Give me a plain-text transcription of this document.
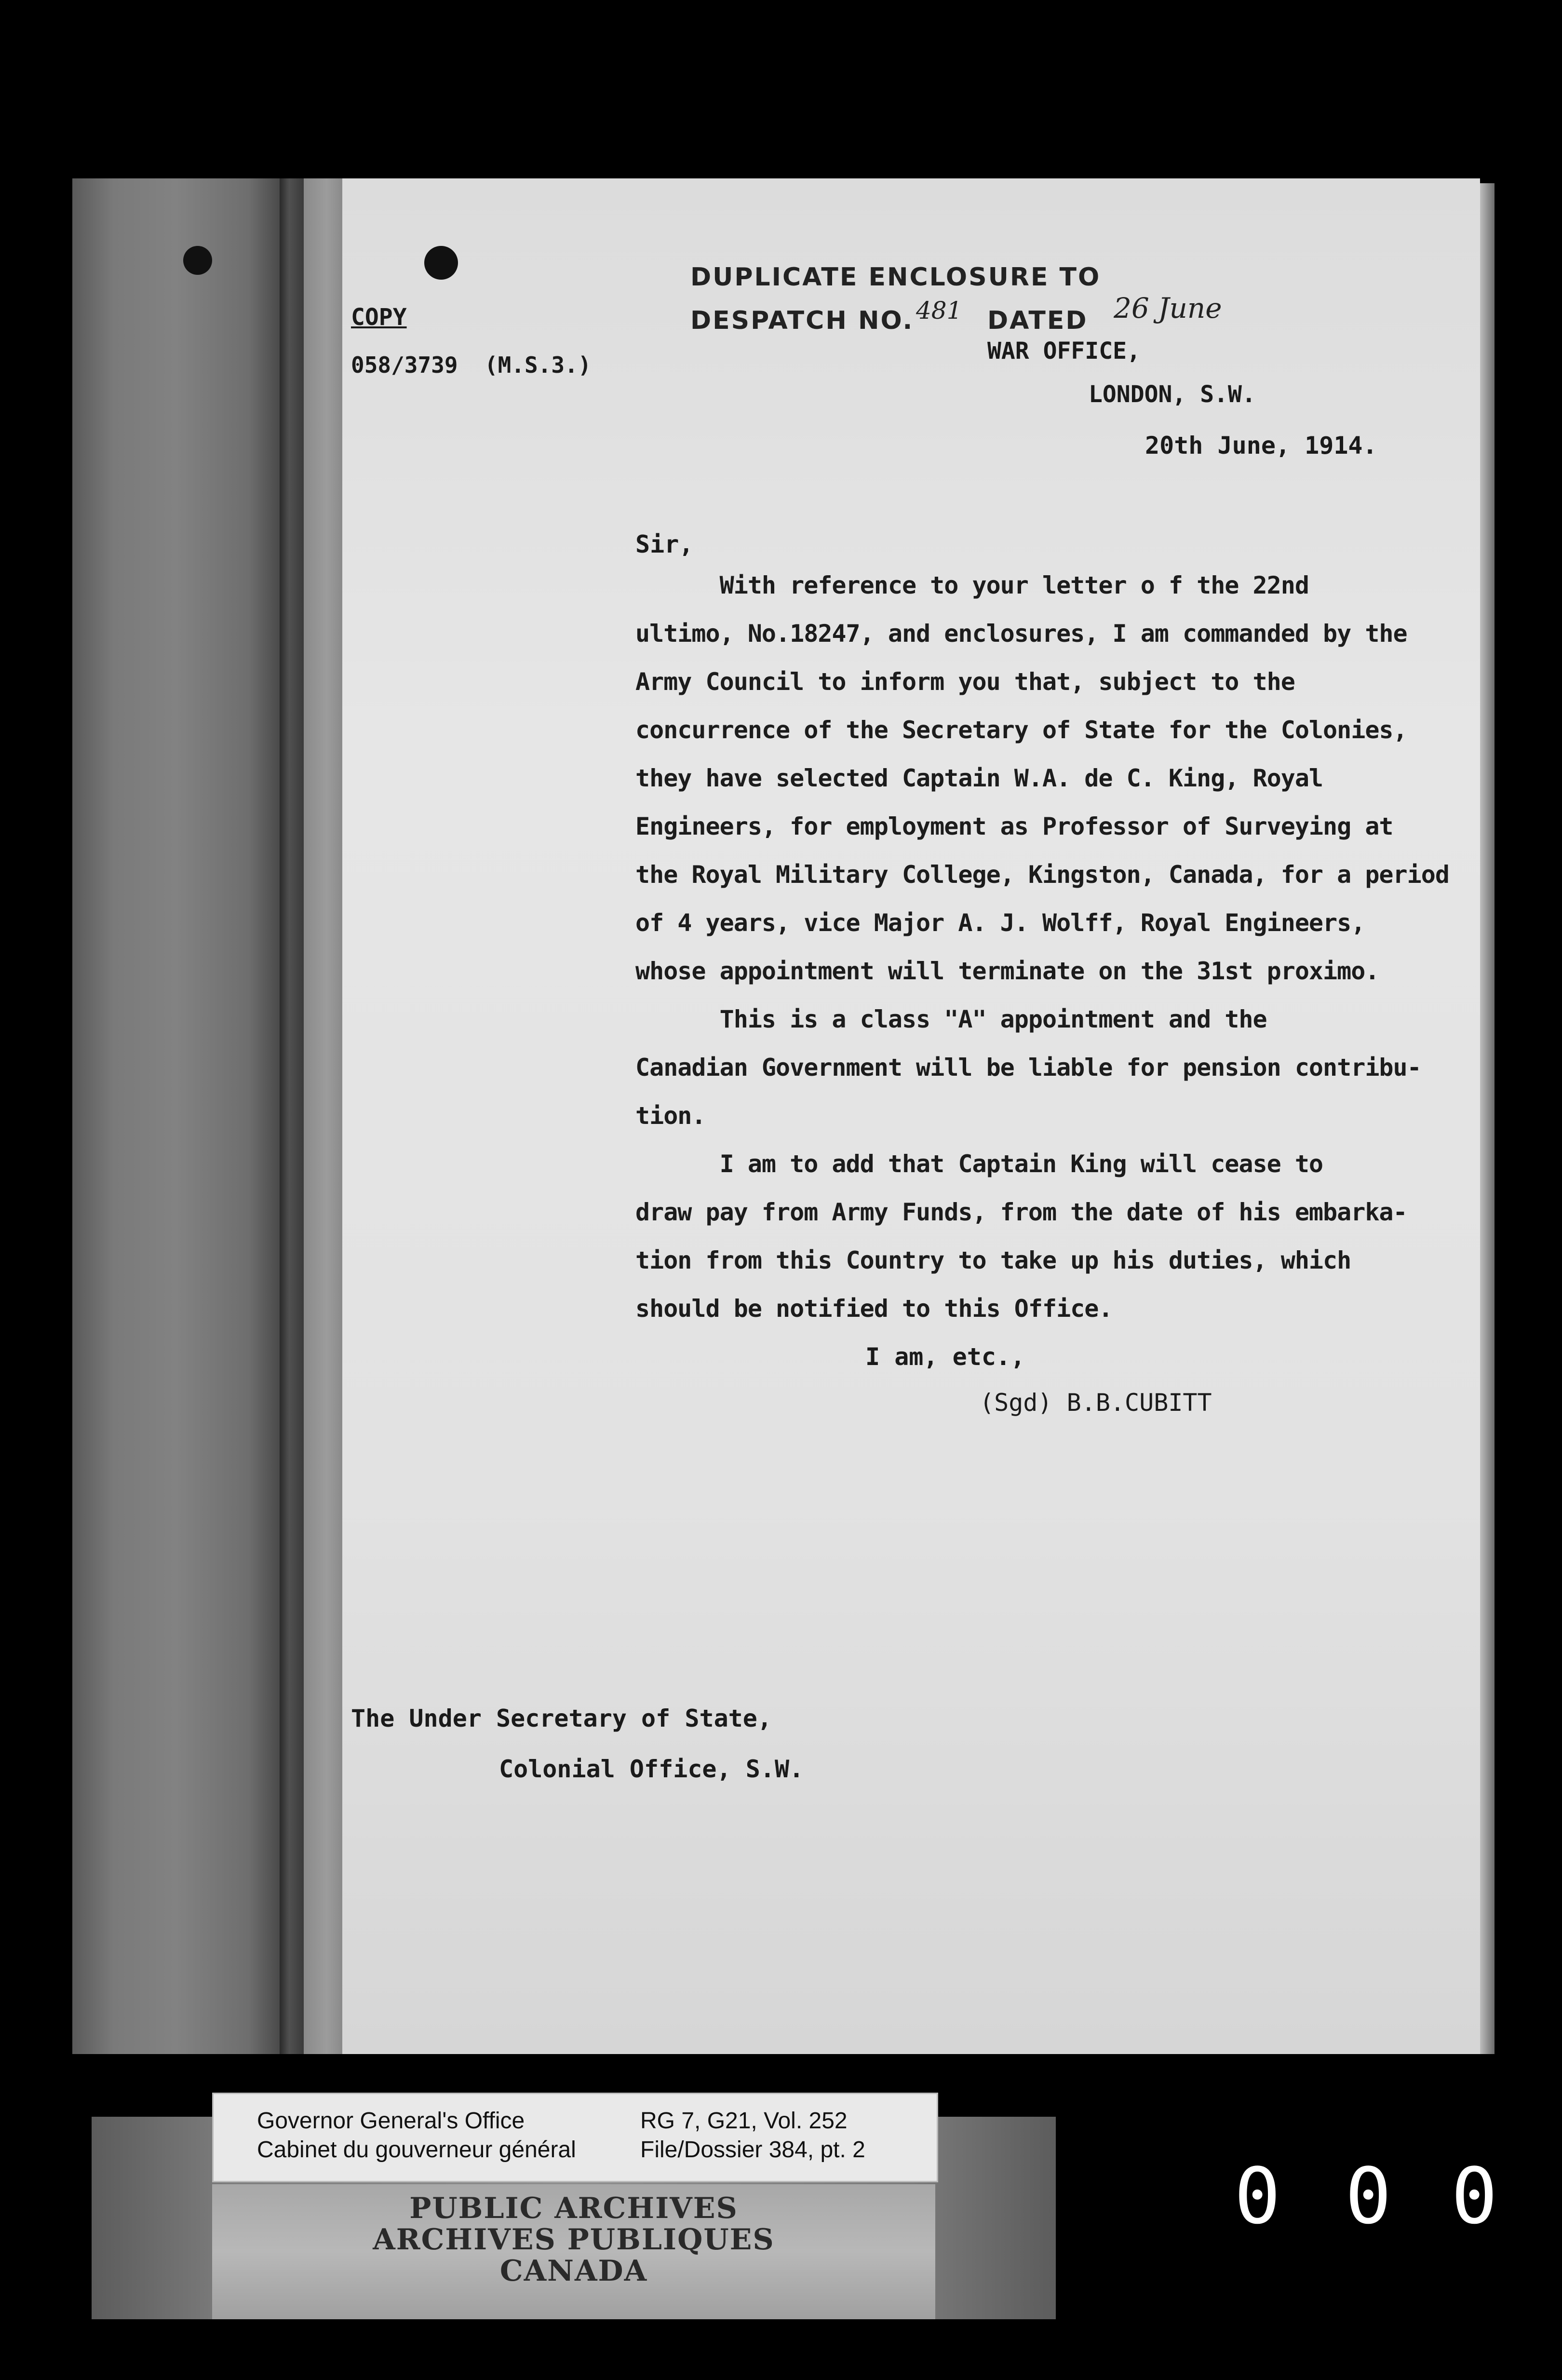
COPY
058/3739  (M.S.3.)
DUPLICATE ENCLOSURE TO
DESPATCH NO. 481 DATED 26 June
WAR OFFICE,
LONDON, S.W.
20th June, 1914.
Sir,
With reference to your letter o f the 22nd
ultimo, No.18247, and enclosures, I am commanded by the
Army Council to inform you that, subject to the
concurrence of the Secretary of State for the Colonies,
they have selected Captain W.A. de C. King, Royal
Engineers, for employment as Professor of Surveying at
the Royal Military College, Kingston, Canada, for a period
of 4 years, vice Major A. J. Wolff, Royal Engineers,
whose appointment will terminate on the 31st proximo.
This is a class "A" appointment and the
Canadian Government will be liable for pension contribu-
tion.
I am to add that Captain King will cease to
draw pay from Army Funds, from the date of his embarka-
tion from this Country to take up his duties, which
should be notified to this Office.
I am, etc.,
(Sgd) B.B.CUBITT
The Under Secretary of State,
Colonial Office, S.W.
PUBLIC ARCHIVES
ARCHIVES PUBLIQUES
CANADA
Governor General's Office
Cabinet du gouverneur général
RG 7, G21, Vol. 252
File/Dossier 384, pt. 2
0 0 0
